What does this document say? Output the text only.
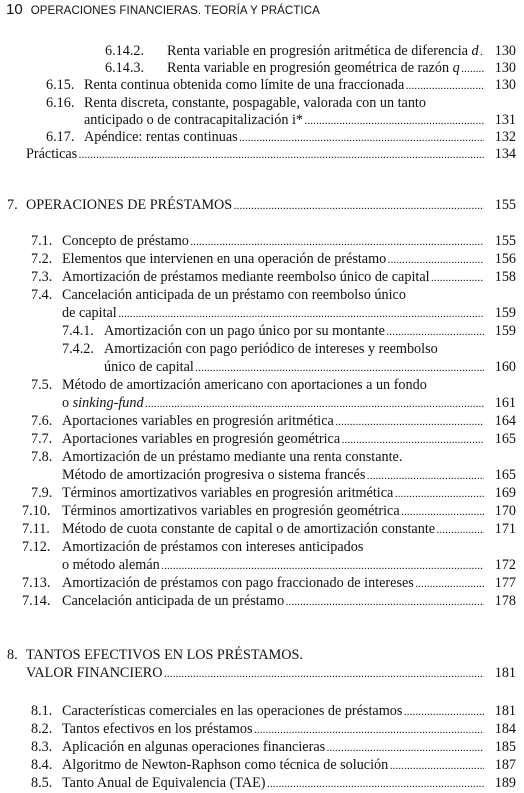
10 OPERACIONES FINANCIERAS. TEORÍA Y PRÁCTICA
6.14.2. Renta variable en progresión aritmética de diferencia d . . .	130
6.14.3. Renta variable en progresión geométrica de razón q . . .	130
6.15. Renta continua obtenida como límite de una fraccionada . . .	130
6.16. Renta discreta, constante, pospagable, valorada con un tanto
anticipado o de contracapitalización i* . . .	131
6.17. Apéndice: rentas continuas . . .	132
Prácticas . . .	134
7. OPERACIONES DE PRÉSTAMOS . . .	155
7.1. Concepto de préstamo . . .	155
7.2. Elementos que intervienen en una operación de préstamo . . .	156
7.3. Amortización de préstamos mediante reembolso único de capital . . .	158
7.4. Cancelación anticipada de un préstamo con reembolso único
de capital . . .	159
7.4.1. Amortización con un pago único por su montante . . .	159
7.4.2. Amortización con pago periódico de intereses y reembolso
único de capital . . .	160
7.5. Método de amortización americano con aportaciones a un fondo
o sinking-fund . . .	161
7.6. Aportaciones variables en progresión aritmética . . .	164
7.7. Aportaciones variables en progresión geométrica . . .	165
7.8. Amortización de un préstamo mediante una renta constante.
Método de amortización progresiva o sistema francés . . .	165
7.9. Términos amortizativos variables en progresión aritmética . . .	169
7.10. Términos amortizativos variables en progresión geométrica . . .	170
7.11. Método de cuota constante de capital o de amortización constante . . .	171
7.12. Amortización de préstamos con intereses anticipados
o método alemán . . .	172
7.13. Amortización de préstamos con pago fraccionado de intereses . . .	177
7.14. Cancelación anticipada de un préstamo . . .	178
8. TANTOS EFECTIVOS EN LOS PRÉSTAMOS.
VALOR FINANCIERO . . .	181
8.1. Características comerciales en las operaciones de préstamos . . .	181
8.2. Tantos efectivos en los préstamos . . .	184
8.3. Aplicación en algunas operaciones financieras . . .	185
8.4. Algoritmo de Newton-Raphson como técnica de solución . . .	187
8.5. Tanto Anual de Equivalencia (TAE) . . .	189
